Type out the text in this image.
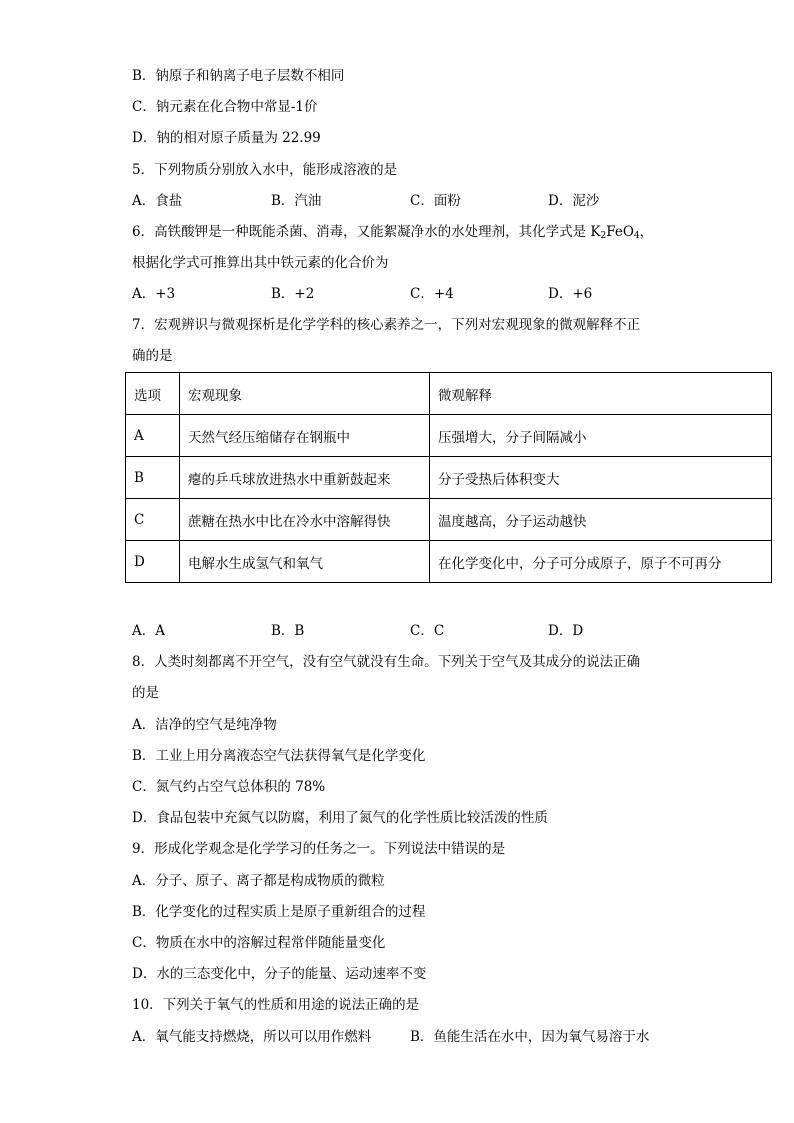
B．钠原子和钠离子电子层数不相同
C．钠元素在化合物中常显-1价
D．钠的相对原子质量为 22.99
5．下列物质分别放入水中，能形成溶液的是
A．食盐	B．汽油	C．面粉	D．泥沙
6．高铁酸钾是一种既能杀菌、消毒，又能絮凝净水的水处理剂，其化学式是 $K_2FeO_4$，
根据化学式可推算出其中铁元素的化合价为
A．+3	B．+2	C．+4	D．+6
7．宏观辨识与微观探析是化学学科的核心素养之一，下列对宏观现象的微观解释不正
确的是
选项	宏观现象	微观解释
A	天然气经压缩储存在钢瓶中	压强增大，分子间隔减小
B	瘪的乒乓球放进热水中重新鼓起来	分子受热后体积变大
C	蔗糖在热水中比在冷水中溶解得快	温度越高，分子运动越快
D	电解水生成氢气和氧气	在化学变化中，分子可分成原子，原子不可再分
A．A	B．B	C．C	D．D
8．人类时刻都离不开空气，没有空气就没有生命。下列关于空气及其成分的说法正确
的是
A．洁净的空气是纯净物
B．工业上用分离液态空气法获得氧气是化学变化
C．氮气约占空气总体积的 78%
D．食品包装中充氮气以防腐，利用了氮气的化学性质比较活泼的性质
9．形成化学观念是化学学习的任务之一。下列说法中错误的是
A．分子、原子、离子都是构成物质的微粒
B．化学变化的过程实质上是原子重新组合的过程
C．物质在水中的溶解过程常伴随能量变化
D．水的三态变化中，分子的能量、运动速率不变
10．下列关于氧气的性质和用途的说法正确的是
A．氧气能支持燃烧，所以可以用作燃料	B．鱼能生活在水中，因为氧气易溶于水
